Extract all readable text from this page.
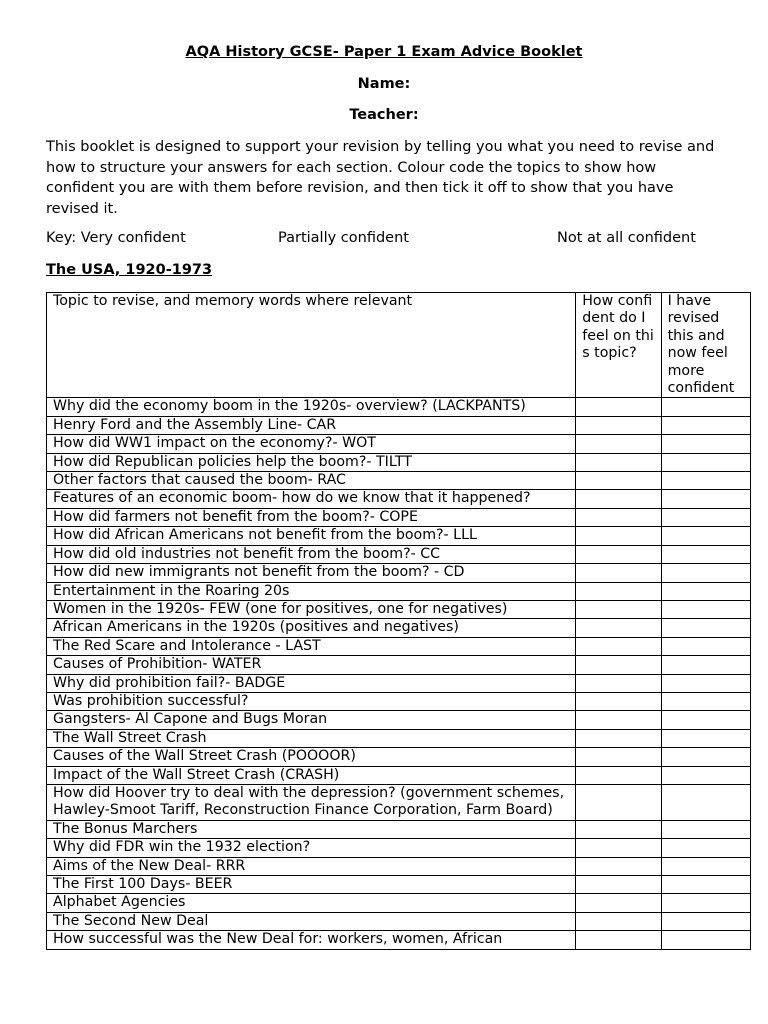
AQA History GCSE- Paper 1 Exam Advice Booklet
Name:
Teacher:
This booklet is designed to support your revision by telling you what you need to revise and how to structure your answers for each section. Colour code the topics to show how confident you are with them before revision, and then tick it off to show that you have revised it.
Key: Very confident	Partially confident	Not at all confident
The USA, 1920-1973
Topic to revise, and memory words where relevant	How confident do I feel on this topic?	I have revised this and now feel more confident
Why did the economy boom in the 1920s- overview? (LACKPANTS)		
Henry Ford and the Assembly Line- CAR		
How did WW1 impact on the economy?- WOT		
How did Republican policies help the boom?- TILTT		
Other factors that caused the boom- RAC		
Features of an economic boom- how do we know that it happened?		
How did farmers not benefit from the boom?- COPE		
How did African Americans not benefit from the boom?- LLL		
How did old industries not benefit from the boom?- CC		
How did new immigrants not benefit from the boom? - CD		
Entertainment in the Roaring 20s		
Women in the 1920s- FEW (one for positives, one for negatives)		
African Americans in the 1920s (positives and negatives)		
The Red Scare and Intolerance - LAST		
Causes of Prohibition- WATER		
Why did prohibition fail?- BADGE		
Was prohibition successful?		
Gangsters- Al Capone and Bugs Moran		
The Wall Street Crash		
Causes of the Wall Street Crash (POOOOR)		
Impact of the Wall Street Crash (CRASH)		
How did Hoover try to deal with the depression? (government schemes, Hawley-Smoot Tariff, Reconstruction Finance Corporation, Farm Board)		
The Bonus Marchers		
Why did FDR win the 1932 election?		
Aims of the New Deal- RRR		
The First 100 Days- BEER		
Alphabet Agencies		
The Second New Deal		
How successful was the New Deal for: workers, women, African		
